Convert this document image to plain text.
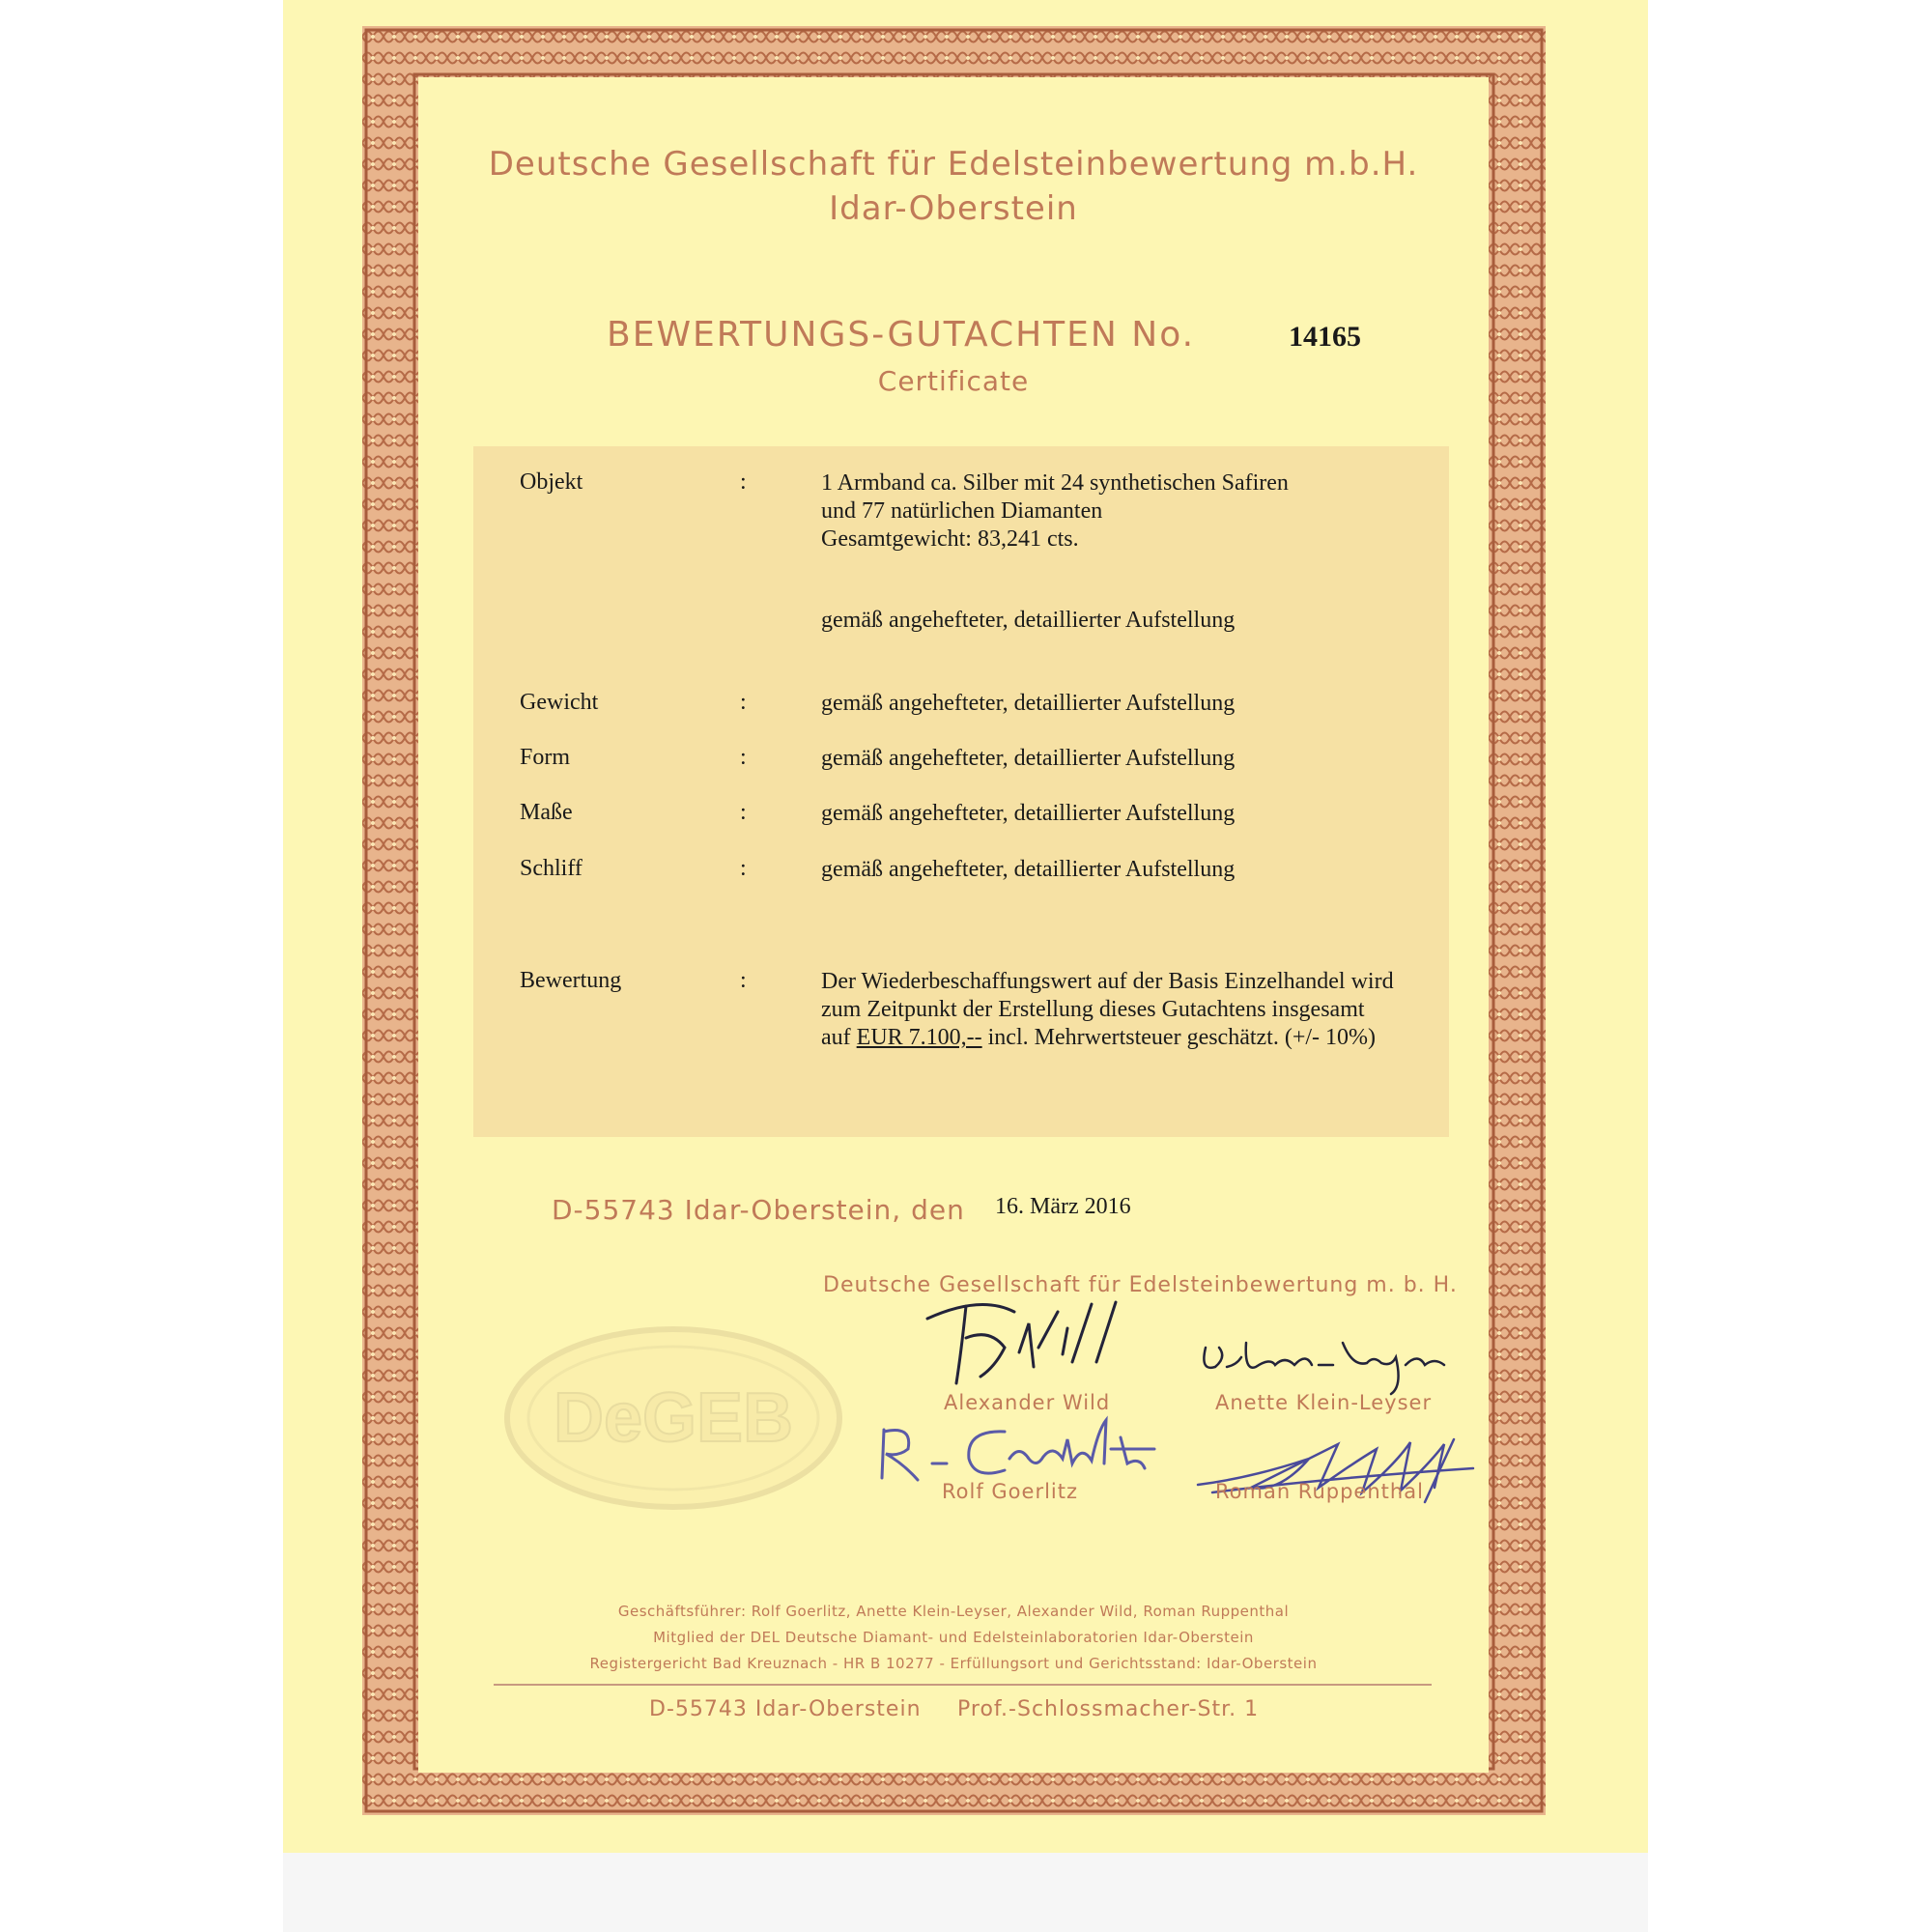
Deutsche Gesellschaft für Edelsteinbewertung m.b.H.
Idar-Oberstein
BEWERTUNGS-GUTACHTEN No.	14165
Certificate
Objekt	:	1 Armband ca. Silber mit 24 synthetischen Safiren
und 77 natürlichen Diamanten
Gesamtgewicht: 83,241 cts.
gemäß angehefteter, detaillierter Aufstellung
Gewicht	:	gemäß angehefteter, detaillierter Aufstellung
Form	:	gemäß angehefteter, detaillierter Aufstellung
Maße	:	gemäß angehefteter, detaillierter Aufstellung
Schliff	:	gemäß angehefteter, detaillierter Aufstellung
Bewertung	:	Der Wiederbeschaffungswert auf der Basis Einzelhandel wird
zum Zeitpunkt der Erstellung dieses Gutachtens insgesamt
auf EUR 7.100,-- incl. Mehrwertsteuer geschätzt. (+/- 10%)
D-55743 Idar-Oberstein, den 16. März 2016
DeGEB
Deutsche Gesellschaft für Edelsteinbewertung m. b. H.
Alexander Wild	Anette Klein-Leyser
Rolf Goerlitz	Roman Ruppenthal
Geschäftsführer: Rolf Goerlitz, Anette Klein-Leyser, Alexander Wild, Roman Ruppenthal
Mitglied der DEL Deutsche Diamant- und Edelsteinlaboratorien Idar-Oberstein
Registergericht Bad Kreuznach - HR B 10277 - Erfüllungsort und Gerichtsstand: Idar-Oberstein
D-55743 Idar-Oberstein Prof.-Schlossmacher-Str. 1
